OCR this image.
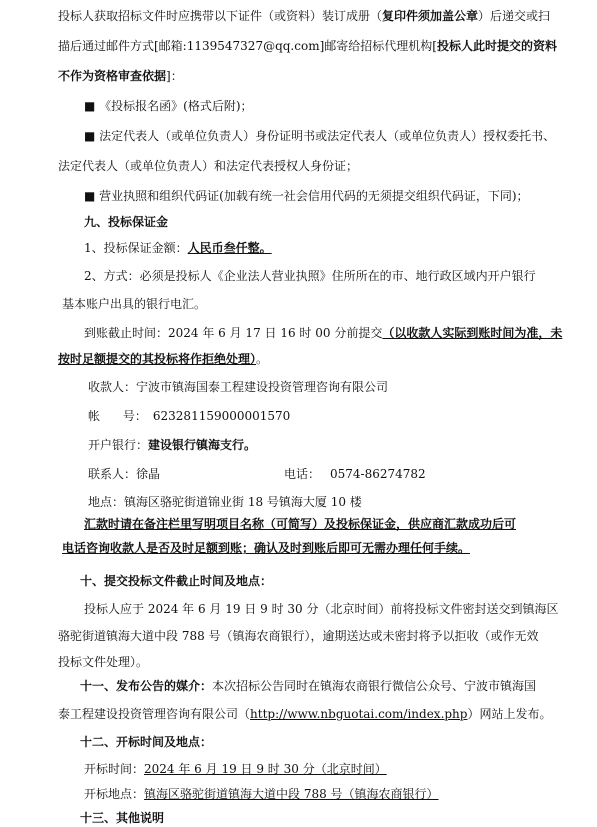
投标人获取招标文件时应携带以下证件（或资料）装订成册（复印件须加盖公章）后递交或扫
描后通过邮件方式[邮箱:1139547327@qq.com]邮寄给招标代理机构[投标人此时提交的资料
不作为资格审查依据]：
■ 《投标报名函》(格式后附)；
■ 法定代表人（或单位负责人）身份证明书或法定代表人（或单位负责人）授权委托书、
法定代表人（或单位负责人）和法定代表授权人身份证；
■ 营业执照和组织代码证(加载有统一社会信用代码的无须提交组织代码证，下同)；
九、投标保证金
1、投标保证金额：人民币叁仟整。
2、方式：必须是投标人《企业法人营业执照》住所所在的市、地行政区域内开户银行
基本账户出具的银行电汇。
到账截止时间：2024 年 6 月 17 日 16 时 00 分前提交（以收款人实际到账时间为准，未
按时足额提交的其投标将作拒绝处理）。
收款人：宁波市镇海国泰工程建设投资管理咨询有限公司
帐      号： 623281159000001570
开户银行：建设银行镇海支行。
联系人：徐晶	电话： 0574-86274782
地点：镇海区骆驼街道锦业街 18 号镇海大厦 10 楼
汇款时请在备注栏里写明项目名称（可简写）及投标保证金，供应商汇款成功后可
电话咨询收款人是否及时足额到账；确认及时到账后即可无需办理任何手续。
十、提交投标文件截止时间及地点：
投标人应于 2024 年 6 月 19 日 9 时 30 分（北京时间）前将投标文件密封送交到镇海区
骆驼街道镇海大道中段 788 号（镇海农商银行），逾期送达或未密封将予以拒收（或作无效
投标文件处理）。
十一、发布公告的媒介：本次招标公告同时在镇海农商银行微信公众号、宁波市镇海国
泰工程建设投资管理咨询有限公司（http://www.nbguotai.com/index.php）网站上发布。
十二、开标时间及地点：
开标时间：2024 年 6 月 19 日 9 时 30 分（北京时间）
开标地点：镇海区骆驼街道镇海大道中段 788 号（镇海农商银行）
十三、其他说明
